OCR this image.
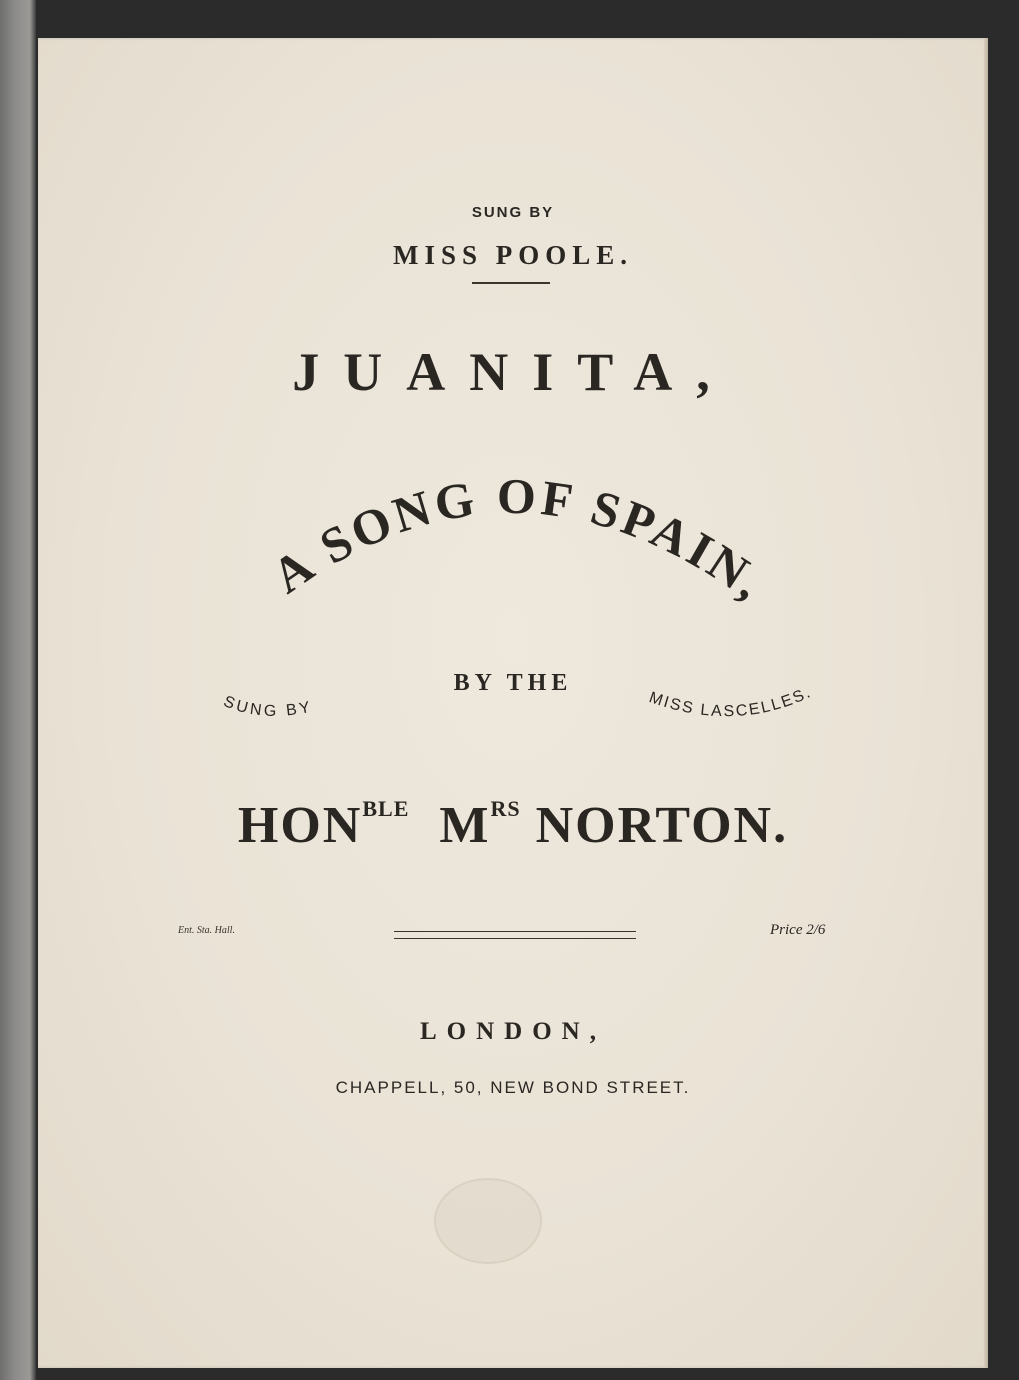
SUNG BY
MISS POOLE.
JUANITA,
A SONG OF SPAIN,
SUNG BY	MISS LASCELLES.
BY THE
$HON^{BLE}$ $M^{RS}$ NORTON.
Ent. Sta. Hall.	Price 2/6
LONDON,
CHAPPELL, 50, NEW BOND STREET.
